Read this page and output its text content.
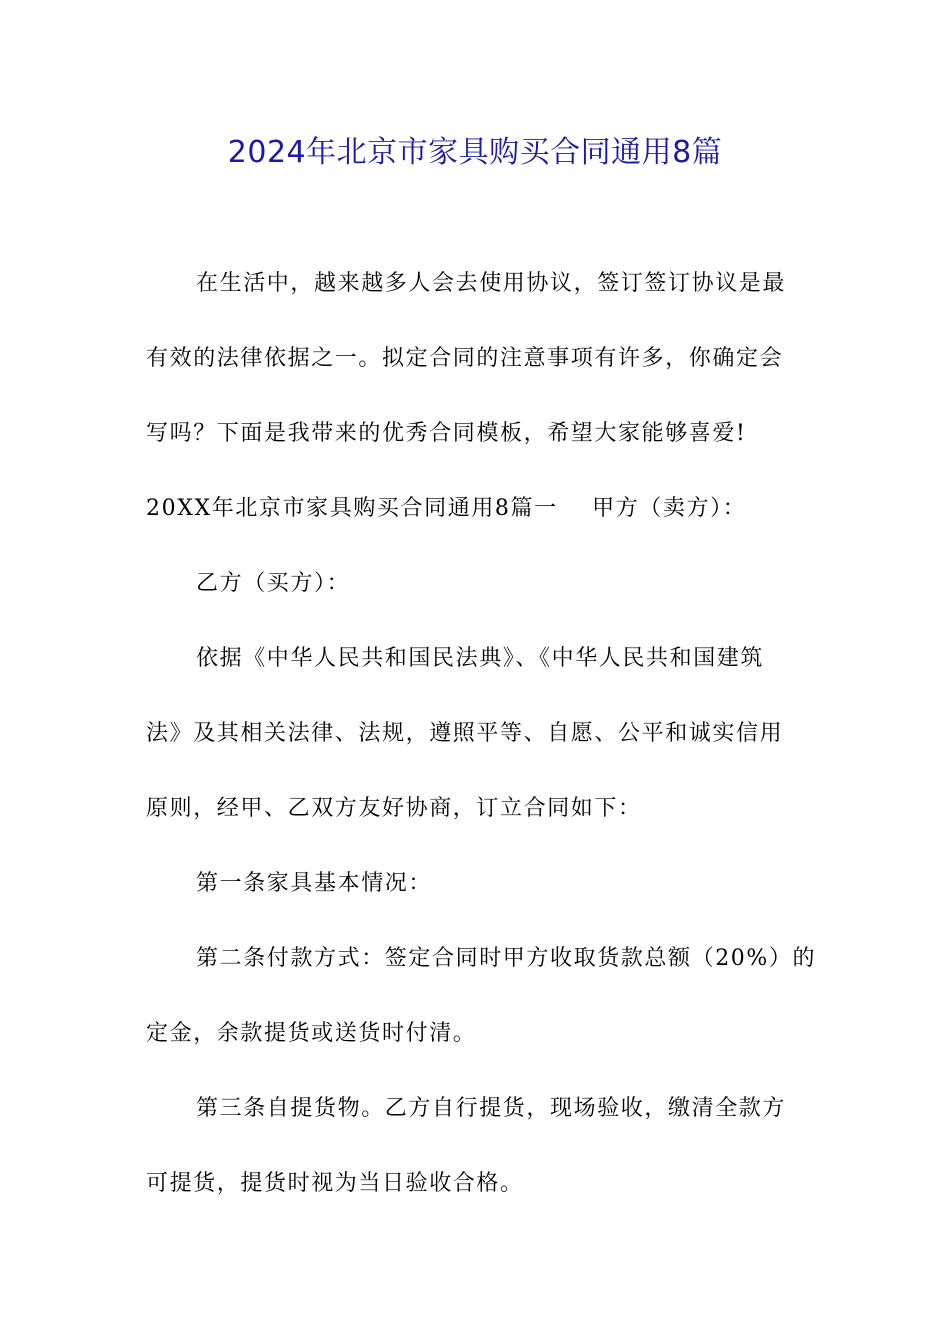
2024年北京市家具购买合同通用8篇
在生活中，越来越多人会去使用协议，签订签订协议是最
有效的法律依据之一。拟定合同的注意事项有许多，你确定会
写吗？下面是我带来的优秀合同模板，希望大家能够喜爱!
20XX年北京市家具购买合同通用8篇一    甲方（卖方）：
乙方（买方）：
依据《中华人民共和国民法典》、《中华人民共和国建筑
法》及其相关法律、法规，遵照平等、自愿、公平和诚实信用
原则，经甲、乙双方友好协商，订立合同如下：
第一条家具基本情况：
第二条付款方式：签定合同时甲方收取货款总额（20%）的
定金，余款提货或送货时付清。
第三条自提货物。乙方自行提货，现场验收，缴清全款方
可提货，提货时视为当日验收合格。
